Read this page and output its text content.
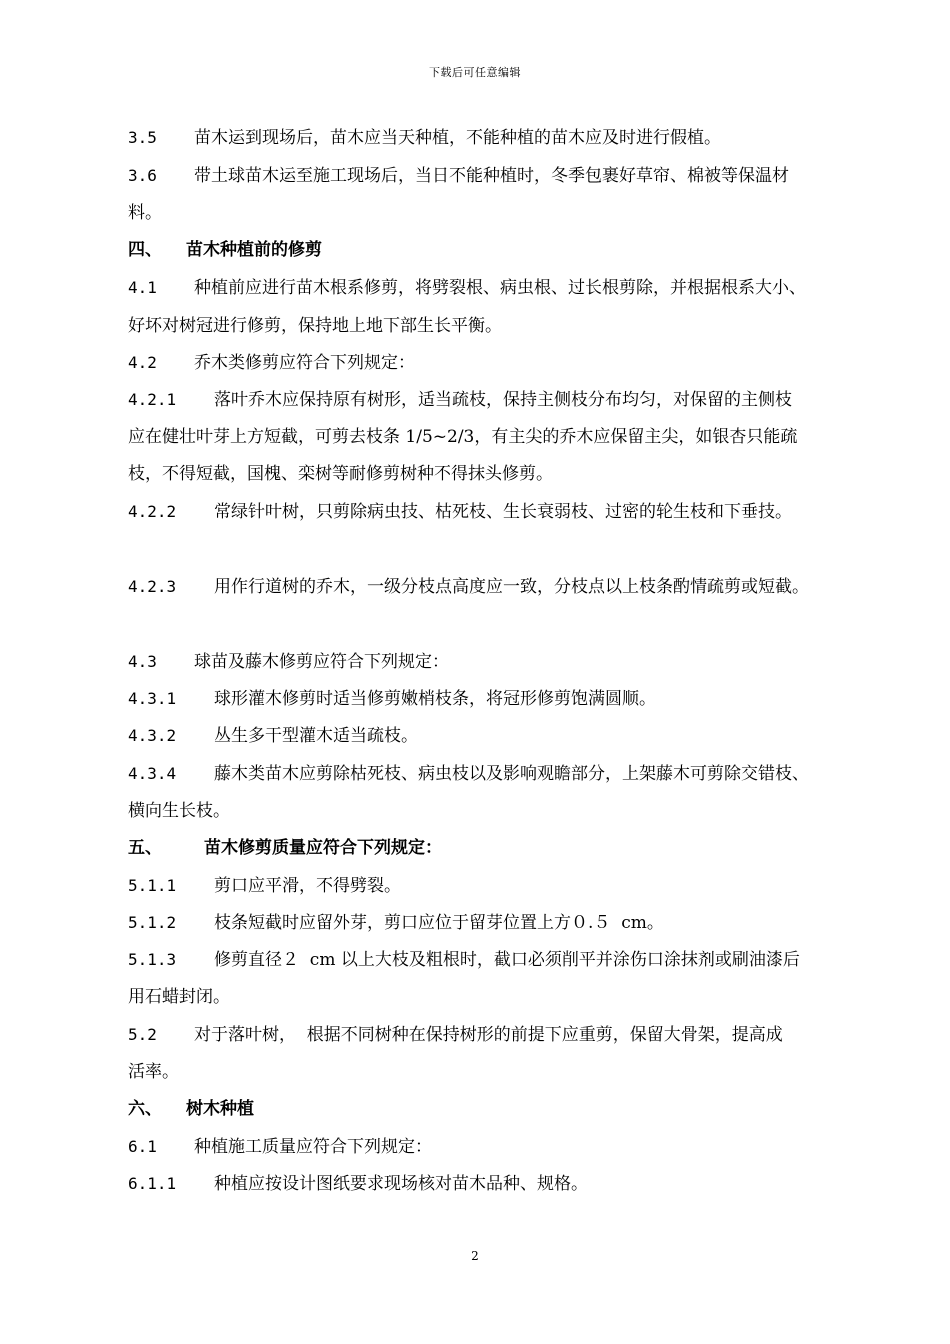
下载后可任意编辑
3.5 苗木运到现场后，苗木应当天种植，不能种植的苗木应及时进行假植。
3.6 带土球苗木运至施工现场后，当日不能种植时，冬季包裹好草帘、棉被等保温材
料。
四、 苗木种植前的修剪
4.1 种植前应进行苗木根系修剪，将劈裂根、病虫根、过长根剪除，并根据根系大小、
好坏对树冠进行修剪，保持地上地下部生长平衡。
4.2 乔木类修剪应符合下列规定：
4.2.1 落叶乔木应保持原有树形，适当疏枝，保持主侧枝分布均匀，对保留的主侧枝
应在健壮叶芽上方短截，可剪去枝条 1/5~2/3，有主尖的乔木应保留主尖，如银杏只能疏
枝，不得短截，国槐、栾树等耐修剪树种不得抹头修剪。
4.2.2 常绿针叶树，只剪除病虫技、枯死枝、生长衰弱枝、过密的轮生枝和下垂技。
4.2.3 用作行道树的乔木，一级分枝点高度应一致，分枝点以上枝条酌情疏剪或短截。
4.3 球苗及藤木修剪应符合下列规定：
4.3.1 球形灌木修剪时适当修剪嫩梢枝条，将冠形修剪饱满圆顺。
4.3.2 丛生多干型灌木适当疏枝。
4.3.4 藤木类苗木应剪除枯死枝、病虫枝以及影响观瞻部分，上架藤木可剪除交错枝、
横向生长枝。
五、 苗木修剪质量应符合下列规定：
5.1.1 剪口应平滑，不得劈裂。
5.1.2 枝条短截时应留外芽，剪口应位于留芽位置上方０.５  cm。
5.1.3 修剪直径２  cm 以上大枝及粗根时，截口必须削平并涂伤口涂抹剂或刷油漆后
用石蜡封闭。
5.2 对于落叶树，  根据不同树种在保持树形的前提下应重剪，保留大骨架，提高成
活率。
六、 树木种植
6.1 种植施工质量应符合下列规定：
6.1.1 种植应按设计图纸要求现场核对苗木品种、规格。
2
